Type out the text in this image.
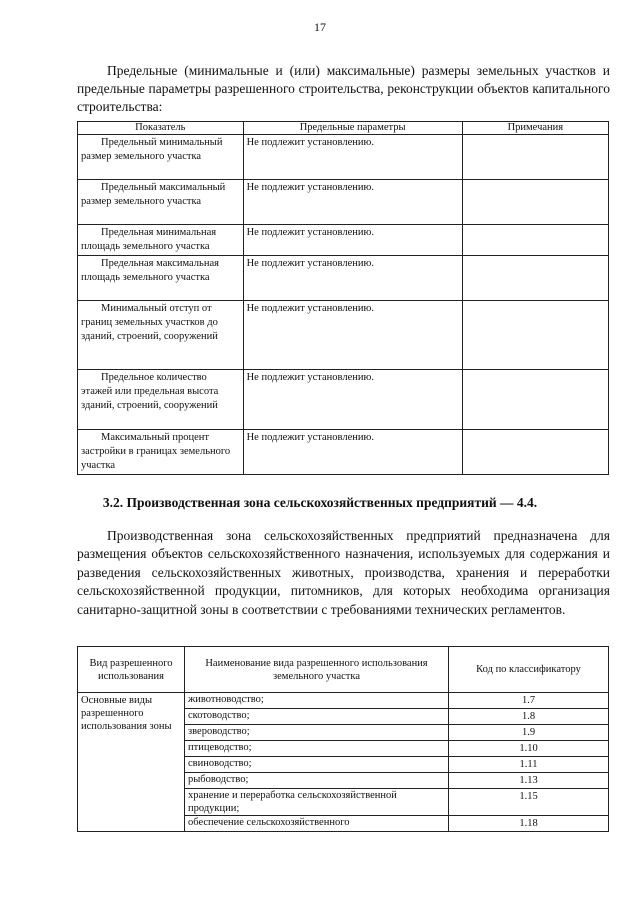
17
Предельные (минимальные и (или) максимальные) размеры земельных участков и предельные параметры разрешенного строительства, реконструкции объектов капитального строительства:
Показатель	Предельные параметры	Примечания
Предельный минимальный размер земельного участка	Не подлежит установлению.	
Предельный максимальный размер земельного участка	Не подлежит установлению.	
Предельная минимальная площадь земельного участка	Не подлежит установлению.	
Предельная максимальная площадь земельного участка	Не подлежит установлению.	
Минимальный отступ от границ земельных участков до зданий, строений, сооружений	Не подлежит установлению.	
Предельное количество этажей или предельная высота зданий, строений, сооружений	Не подлежит установлению.	
Максимальный процент застройки в границах земельного участка	Не подлежит установлению.	
3.2. Производственная зона сельскохозяйственных предприятий — 4.4.
Производственная зона сельскохозяйственных предприятий предназначена для размещения объектов сельскохозяйственного назначения, используемых для содержания и разведения сельскохозяйственных животных, производства, хранения и переработки сельскохозяйственной продукции, питомников, для которых необходима организация санитарно-защитной зоны в соответствии с требованиями технических регламентов.
Вид разрешенного использования	Наименование вида разрешенного использования земельного участка	Код по классификатору
Основные виды разрешенного использования зоны	животноводство;	1.7
	скотоводство;	1.8
	звероводство;	1.9
	птицеводство;	1.10
	свиноводство;	1.11
	рыбоводство;	1.13
	хранение и переработка сельскохозяйственной продукции;	1.15
	обеспечение сельскохозяйственного	1.18
